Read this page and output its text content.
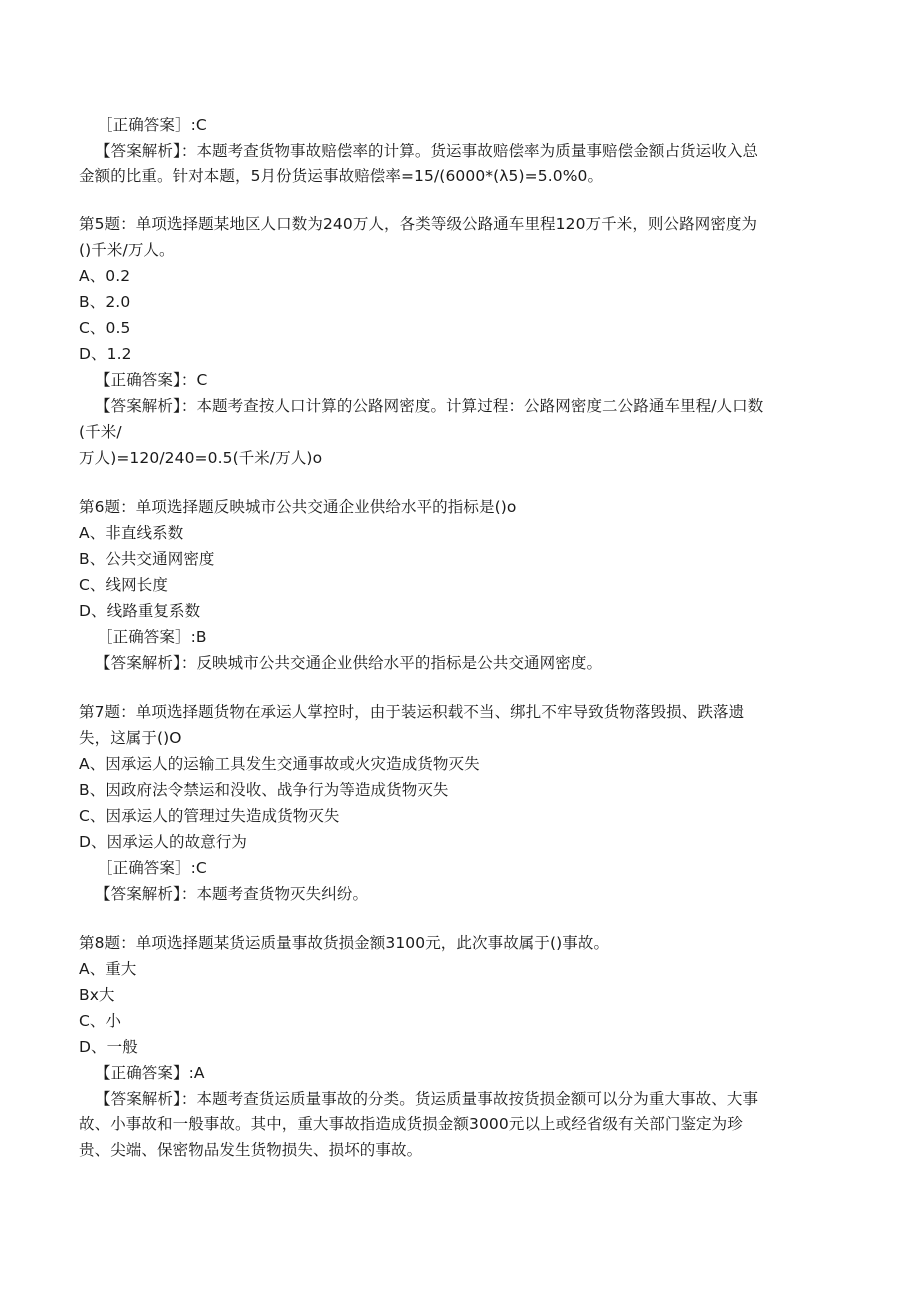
［正确答案］:C
【答案解析】：本题考查货物事故赔偿率的计算。货运事故赔偿率为质量事赔偿金额占货运收入总
金额的比重。针对本题，5月份货运事故赔偿率=15/(6000*(λ5)=5.0%0。
第5题：单项选择题某地区人口数为240万人，各类等级公路通车里程120万千米，则公路网密度为
()千米/万人。
A、0.2
B、2.0
C、0.5
D、1.2
【正确答案】：C
【答案解析】：本题考查按人口计算的公路网密度。计算过程：公路网密度二公路通车里程/人口数
(千米/
万人)=120/240=0.5(千米/万人)o
第6题：单项选择题反映城市公共交通企业供给水平的指标是()o
A、非直线系数
B、公共交通网密度
C、线网长度
D、线路重复系数
［正确答案］:B
【答案解析】：反映城市公共交通企业供给水平的指标是公共交通网密度。
第7题：单项选择题货物在承运人掌控时，由于装运积载不当、绑扎不牢导致货物落毁损、跌落遗
失，这属于()O
A、因承运人的运输工具发生交通事故或火灾造成货物灭失
B、因政府法令禁运和没收、战争行为等造成货物灭失
C、因承运人的管理过失造成货物灭失
D、因承运人的故意行为
［正确答案］:C
【答案解析】：本题考查货物灭失纠纷。
第8题：单项选择题某货运质量事故货损金额3100元，此次事故属于()事故。
A、重大
Bx大
C、小
D、一般
【正确答案】:A
【答案解析】：本题考查货运质量事故的分类。货运质量事故按货损金额可以分为重大事故、大事
故、小事故和一般事故。其中，重大事故指造成货损金额3000元以上或经省级有关部门鉴定为珍
贵、尖端、保密物品发生货物损失、损坏的事故。
